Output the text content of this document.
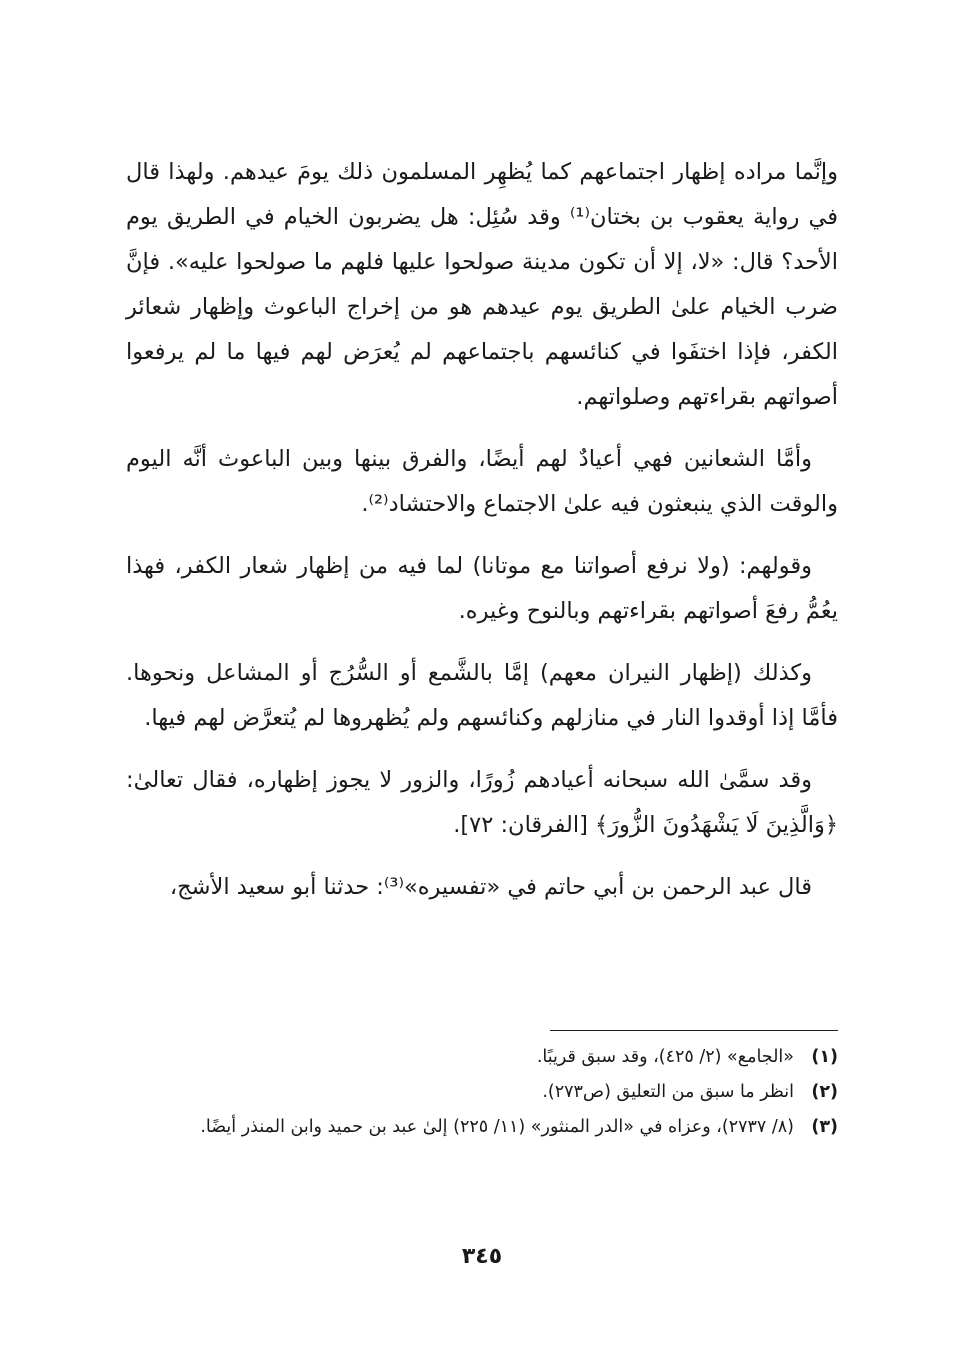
وإنَّما مراده إظهار اجتماعهم كما يُظهِر المسلمون ذلك يومَ عيدهم. ولهذا قال في رواية يعقوب بن بختان⁽¹⁾ وقد سُئِل: هل يضربون الخيام في الطريق يوم الأحد؟ قال: «لا، إلا أن تكون مدينة صولحوا عليها فلهم ما صولحوا عليه». فإنَّ ضرب الخيام علىٰ الطريق يوم عيدهم هو من إخراج الباعوث وإظهار شعائر الكفر، فإذا اختفَوا في كنائسهم باجتماعهم لم يُعرَض لهم فيها ما لم يرفعوا أصواتهم بقراءتهم وصلواتهم.

وأمَّا الشعانين فهي أعيادٌ لهم أيضًا، والفرق بينها وبين الباعوث أنَّه اليوم والوقت الذي ينبعثون فيه علىٰ الاجتماع والاحتشاد⁽²⁾.

وقولهم: (ولا نرفع أصواتنا مع موتانا) لما فيه من إظهار شعار الكفر، فهذا يعُمُّ رفعَ أصواتهم بقراءتهم وبالنوح وغيره.

وكذلك (إظهار النيران معهم) إمَّا بالشَّمع أو السُّرُج أو المشاعل ونحوها. فأمَّا إذا أوقدوا النار في منازلهم وكنائسهم ولم يُظهروها لم يُتعرَّض لهم فيها.

وقد سمَّىٰ الله سبحانه أعيادهم زُورًا، والزور لا يجوز إظهاره، فقال تعالىٰ: ﴿وَالَّذِينَ لَا يَشْهَدُونَ الزُّورَ﴾ [الفرقان: ٧٢].

قال عبد الرحمن بن أبي حاتم في «تفسيره»⁽³⁾: حدثنا أبو سعيد الأشج،

(١)
«الجامع» (٢/ ٤٢٥)، وقد سبق قريبًا.
(٢)
انظر ما سبق من التعليق (ص٢٧٣).
(٣)
(٨/ ٢٧٣٧)، وعزاه في «الدر المنثور» (١١/ ٢٢٥) إلىٰ عبد بن حميد وابن المنذر أيضًا.
٣٤٥
